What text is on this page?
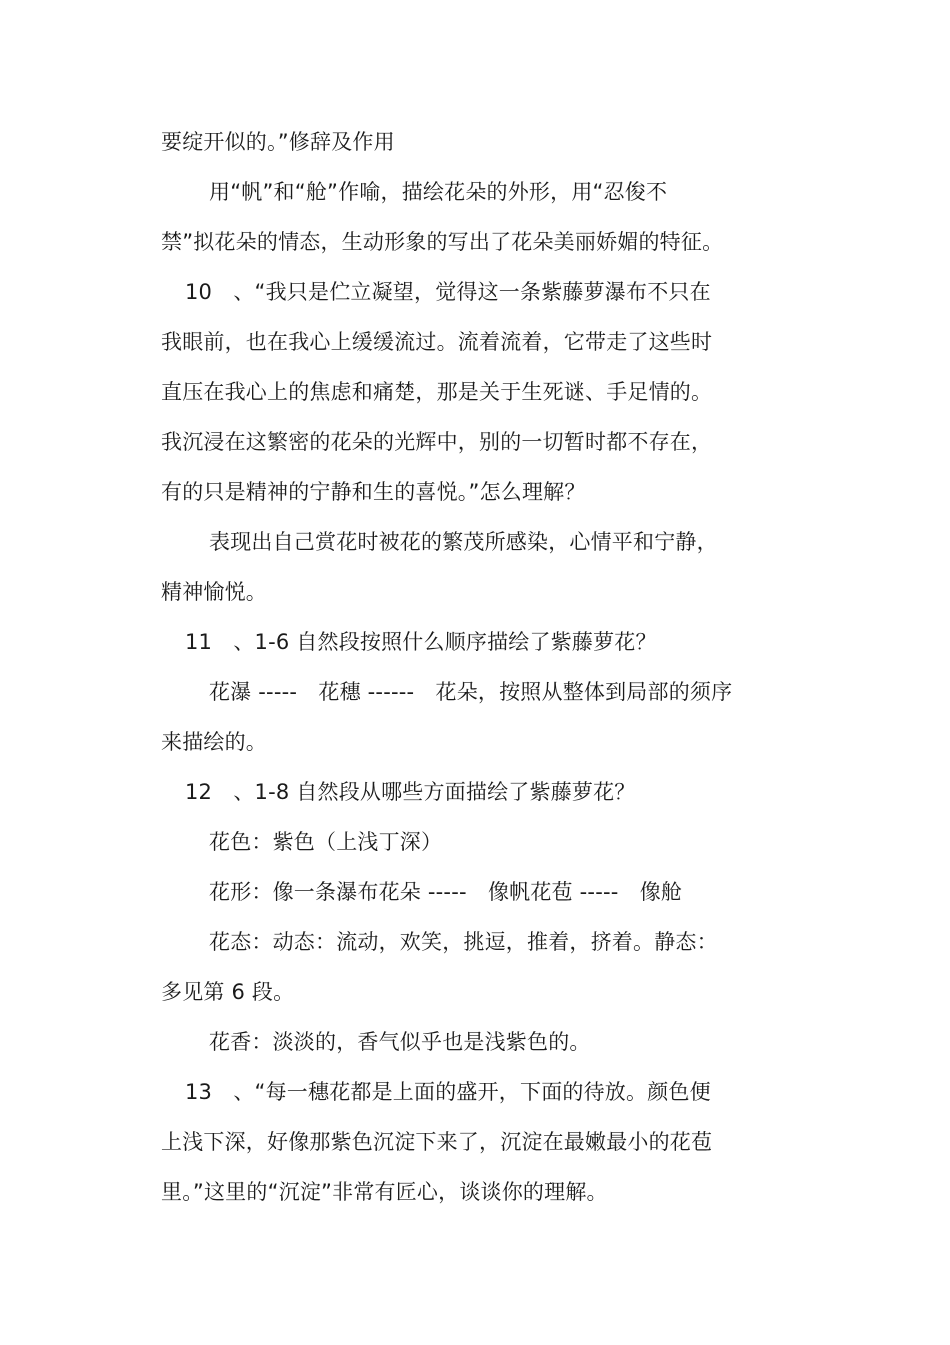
要绽开似的。”修辞及作用
用“帆”和“舱”作喻，描绘花朵的外形，用“忍俊不
禁”拟花朵的情态，生动形象的写出了花朵美丽娇媚的特征。
10　、“我只是伫立凝望，觉得这一条紫藤萝瀑布不只在
我眼前，也在我心上缓缓流过。流着流着，它带走了这些时
直压在我心上的焦虑和痛楚，那是关于生死谜、手足情的。
我沉浸在这繁密的花朵的光辉中，别的一切暂时都不存在，
有的只是精神的宁静和生的喜悦。”怎么理解？
表现出自己赏花时被花的繁茂所感染，心情平和宁静，
精神愉悦。
11　、1-6 自然段按照什么顺序描绘了紫藤萝花？
花瀑 -----　花穗 ------　花朵，按照从整体到局部的须序
来描绘的。
12　、1-8 自然段从哪些方面描绘了紫藤萝花？
花色：紫色（上浅丁深）
花形：像一条瀑布花朵 -----　像帆花苞 -----　像舱
花态：动态：流动，欢笑，挑逗，推着，挤着。静态：
多见第 6 段。
花香：淡淡的，香气似乎也是浅紫色的。
13　、“每一穗花都是上面的盛开，下面的待放。颜色便
上浅下深，好像那紫色沉淀下来了，沉淀在最嫩最小的花苞
里。”这里的“沉淀”非常有匠心，谈谈你的理解。
